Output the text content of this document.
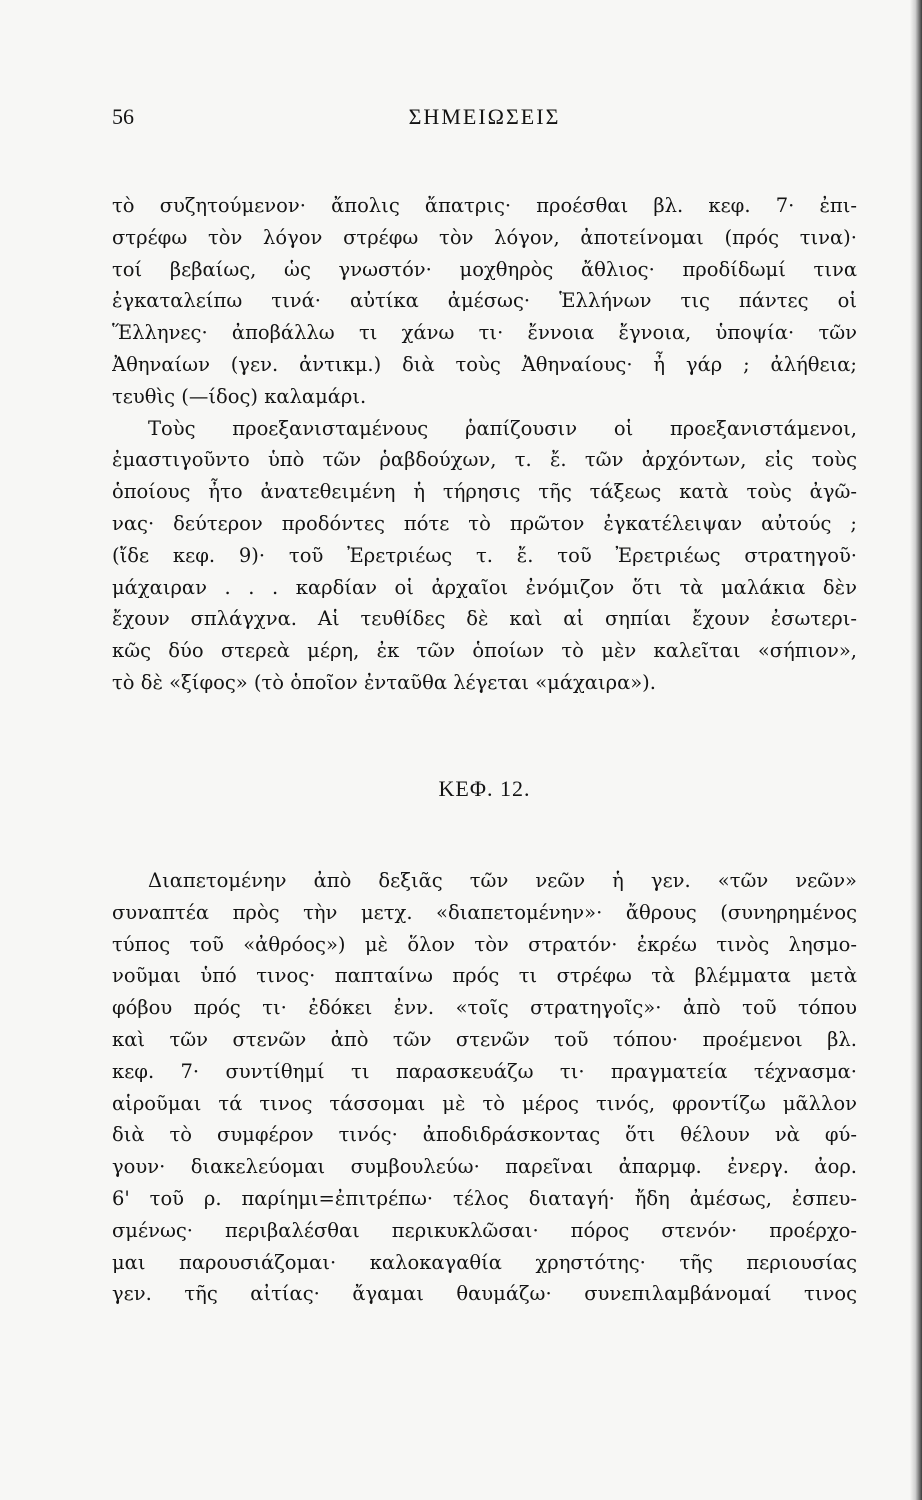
56	ΣΗΜΕΙΩΣΕΙΣ
τὸ συζητούμενον· ἄπολις ἄπατρις· προέσθαι βλ. κεφ. 7· ἐπι-
στρέφω τὸν λόγον στρέφω τὸν λόγον, ἀποτείνομαι (πρός τινα)·
τοί βεβαίως, ὡς γνωστόν· μοχθηρὸς ἄθλιος· προδίδωμί τινα
ἐγκαταλείπω τινά· αὐτίκα ἀμέσως· Ἑλλήνων τις πάντες οἱ
Ἕλληνες· ἀποβάλλω τι χάνω τι· ἔννοια ἔγνοια, ὑποψία· τῶν
Ἀθηναίων (γεν. ἀντικμ.) διὰ τοὺς Ἀθηναίους· ἦ γάρ ; ἀλήθεια;
τευθὶς (—ίδος) καλαμάρι.
Τοὺς προεξανισταμένους ῥαπίζουσιν οἱ προεξανιστάμενοι,
ἐμαστιγοῦντο ὑπὸ τῶν ῥαβδούχων, τ. ἔ. τῶν ἀρχόντων, εἰς τοὺς
ὁποίους ἦτο ἀνατεθειμένη ἡ τήρησις τῆς τάξεως κατὰ τοὺς ἀγῶ-
νας· δεύτερον προδόντες πότε τὸ πρῶτον ἐγκατέλειψαν αὐτούς ;
(ἴδε κεφ. 9)· τοῦ Ἐρετριέως τ. ἔ. τοῦ Ἐρετριέως στρατηγοῦ·
μάχαιραν . . . καρδίαν οἱ ἀρχαῖοι ἐνόμιζον ὅτι τὰ μαλάκια δὲν
ἔχουν σπλάγχνα. Αἱ τευθίδες δὲ καὶ αἱ σηπίαι ἔχουν ἐσωτερι-
κῶς δύο στερεὰ μέρη, ἐκ τῶν ὁποίων τὸ μὲν καλεῖται «σήπιον»,
τὸ δὲ «ξίφος» (τὸ ὁποῖον ἐνταῦθα λέγεται «μάχαιρα»).
ΚΕΦ. 12.
Διαπετομένην ἀπὸ δεξιᾶς τῶν νεῶν ἡ γεν. «τῶν νεῶν»
συναπτέα πρὸς τὴν μετχ. «διαπετομένην»· ἄθρους (συνηρημένος
τύπος τοῦ «ἀθρόος») μὲ ὅλον τὸν στρατόν· ἐκρέω τινὸς λησμο-
νοῦμαι ὑπό τινος· παπταίνω πρός τι στρέφω τὰ βλέμματα μετὰ
φόβου πρός τι· ἐδόκει ἐνν. «τοῖς στρατηγοῖς»· ἀπὸ τοῦ τόπου
καὶ τῶν στενῶν ἀπὸ τῶν στενῶν τοῦ τόπου· προέμενοι βλ.
κεφ. 7· συντίθημί τι παρασκευάζω τι· πραγματεία τέχνασμα·
αἱροῦμαι τά τινος τάσσομαι μὲ τὸ μέρος τινός, φροντίζω μᾶλλον
διὰ τὸ συμφέρον τινός· ἀποδιδράσκοντας ὅτι θέλουν νὰ φύ-
γουν· διακελεύομαι συμβουλεύω· παρεῖναι ἀπαρμφ. ἐνεργ. ἀορ.
6' τοῦ ρ. παρίημι=ἐπιτρέπω· τέλος διαταγή· ἤδη ἀμέσως, ἐσπευ-
σμένως· περιβαλέσθαι περικυκλῶσαι· πόρος στενόν· προέρχο-
μαι παρουσιάζομαι· καλοκαγαθία χρηστότης· τῆς περιουσίας
γεν. τῆς αἰτίας· ἄγαμαι θαυμάζω· συνεπιλαμβάνομαί τινος
